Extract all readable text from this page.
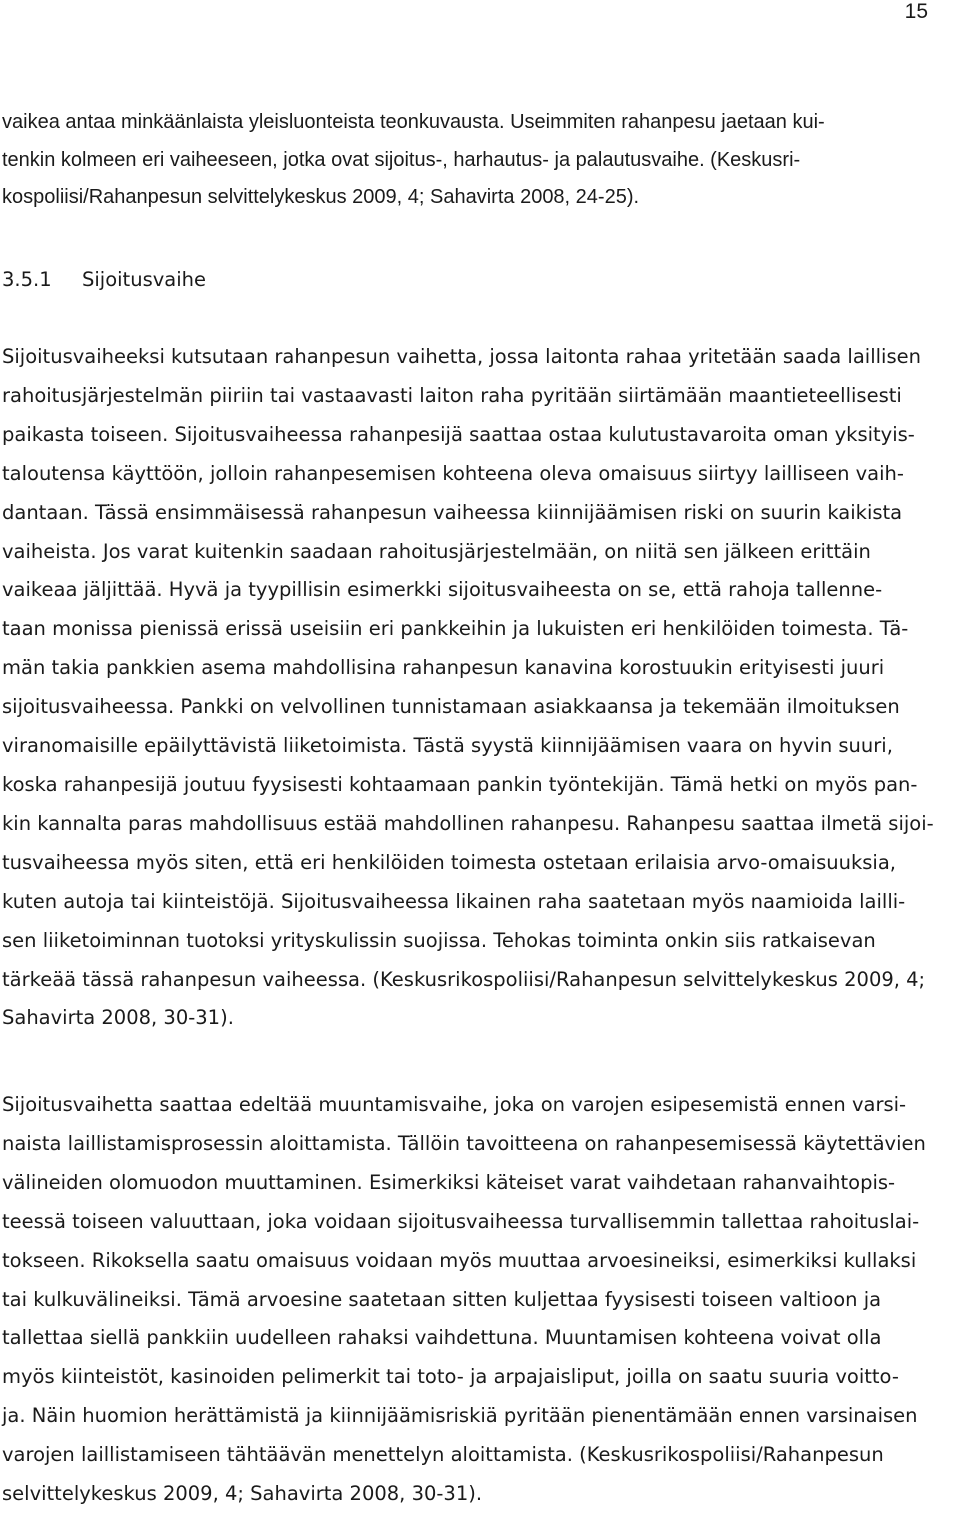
15
vaikea antaa minkäänlaista yleisluonteista teonkuvausta. Useimmiten rahanpesu jaetaan kui-
tenkin kolmeen eri vaiheeseen, jotka ovat sijoitus-, harhautus- ja palautusvaihe. (Keskusri-
kospoliisi/Rahanpesun selvittelykeskus 2009, 4; Sahavirta 2008, 24-25).
3.5.1 Sijoitusvaihe
Sijoitusvaiheeksi kutsutaan rahanpesun vaihetta, jossa laitonta rahaa yritetään saada laillisen
rahoitusjärjestelmän piiriin tai vastaavasti laiton raha pyritään siirtämään maantieteellisesti
paikasta toiseen. Sijoitusvaiheessa rahanpesijä saattaa ostaa kulutustavaroita oman yksityis-
taloutensa käyttöön, jolloin rahanpesemisen kohteena oleva omaisuus siirtyy lailliseen vaih-
dantaan. Tässä ensimmäisessä rahanpesun vaiheessa kiinnijäämisen riski on suurin kaikista
vaiheista. Jos varat kuitenkin saadaan rahoitusjärjestelmään, on niitä sen jälkeen erittäin
vaikeaa jäljittää. Hyvä ja tyypillisin esimerkki sijoitusvaiheesta on se, että rahoja tallenne-
taan monissa pienissä erissä useisiin eri pankkeihin ja lukuisten eri henkilöiden toimesta. Tä-
män takia pankkien asema mahdollisina rahanpesun kanavina korostuukin erityisesti juuri
sijoitusvaiheessa. Pankki on velvollinen tunnistamaan asiakkaansa ja tekemään ilmoituksen
viranomaisille epäilyttävistä liiketoimista. Tästä syystä kiinnijäämisen vaara on hyvin suuri,
koska rahanpesijä joutuu fyysisesti kohtaamaan pankin työntekijän. Tämä hetki on myös pan-
kin kannalta paras mahdollisuus estää mahdollinen rahanpesu. Rahanpesu saattaa ilmetä sijoi-
tusvaiheessa myös siten, että eri henkilöiden toimesta ostetaan erilaisia arvo-omaisuuksia,
kuten autoja tai kiinteistöjä. Sijoitusvaiheessa likainen raha saatetaan myös naamioida lailli-
sen liiketoiminnan tuotoksi yrityskulissin suojissa. Tehokas toiminta onkin siis ratkaisevan
tärkeää tässä rahanpesun vaiheessa. (Keskusrikospoliisi/Rahanpesun selvittelykeskus 2009, 4;
Sahavirta 2008, 30-31).
Sijoitusvaihetta saattaa edeltää muuntamisvaihe, joka on varojen esipesemistä ennen varsi-
naista laillistamisprosessin aloittamista. Tällöin tavoitteena on rahanpesemisessä käytettävien
välineiden olomuodon muuttaminen. Esimerkiksi käteiset varat vaihdetaan rahanvaihtopis-
teessä toiseen valuuttaan, joka voidaan sijoitusvaiheessa turvallisemmin tallettaa rahoituslai-
tokseen. Rikoksella saatu omaisuus voidaan myös muuttaa arvoesineiksi, esimerkiksi kullaksi
tai kulkuvälineiksi. Tämä arvoesine saatetaan sitten kuljettaa fyysisesti toiseen valtioon ja
tallettaa siellä pankkiin uudelleen rahaksi vaihdettuna. Muuntamisen kohteena voivat olla
myös kiinteistöt, kasinoiden pelimerkit tai toto- ja arpajaisliput, joilla on saatu suuria voitto-
ja. Näin huomion herättämistä ja kiinnijäämisriskiä pyritään pienentämään ennen varsinaisen
varojen laillistamiseen tähtäävän menettelyn aloittamista. (Keskusrikospoliisi/Rahanpesun
selvittelykeskus 2009, 4; Sahavirta 2008, 30-31).
